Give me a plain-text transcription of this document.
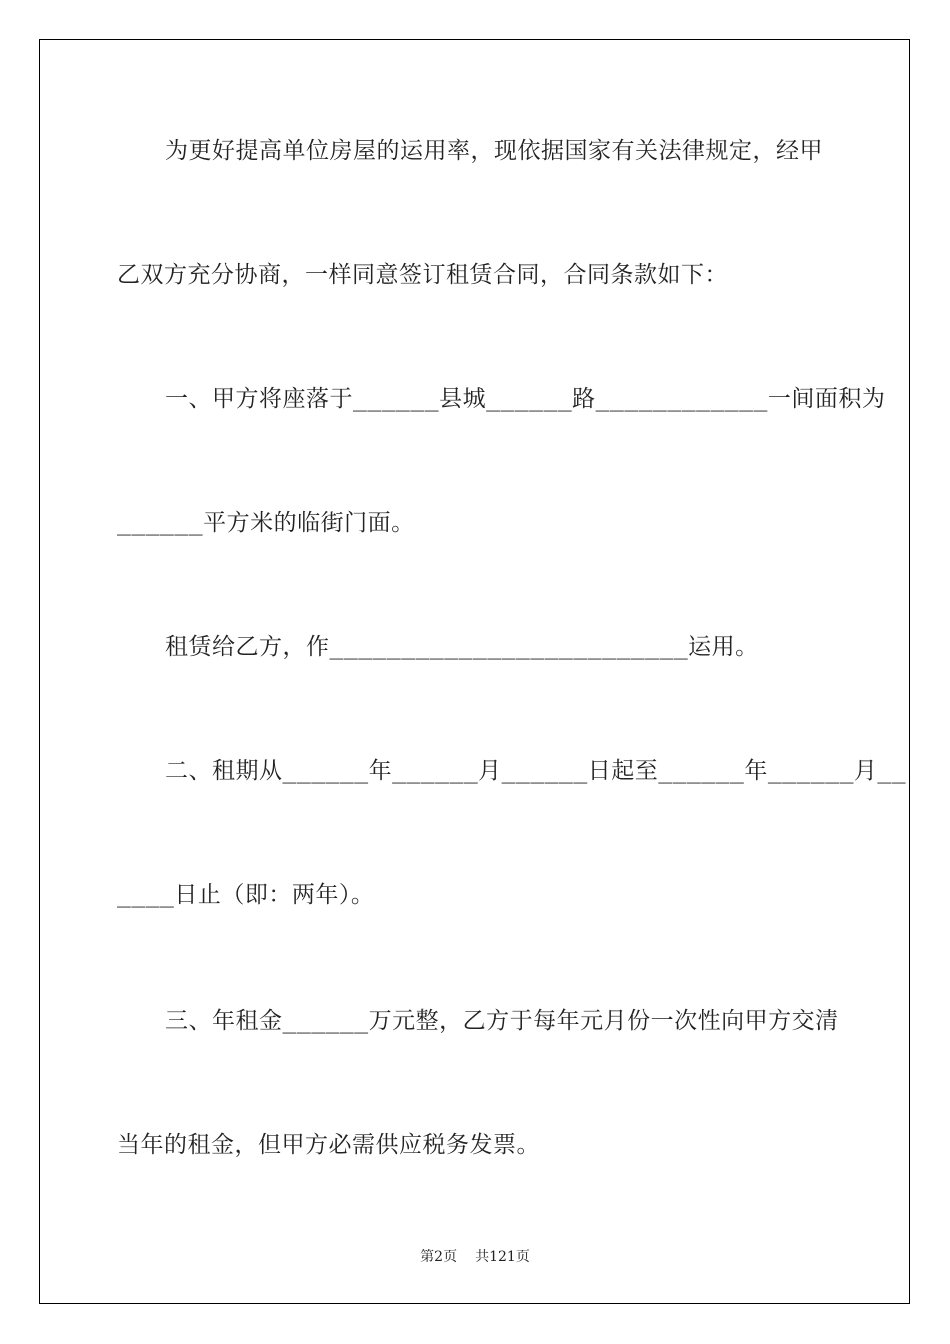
为更好提高单位房屋的运用率，现依据国家有关法律规定，经甲
乙双方充分协商，一样同意签订租赁合同，合同条款如下：
一、甲方将座落于______县城______路____________一间面积为
______平方米的临街门面。
租赁给乙方，作_________________________运用。
二、租期从______年______月______日起至______年______月__
____日止（即：两年）。
三、年租金______万元整，乙方于每年元月份一次性向甲方交清
当年的租金，但甲方必需供应税务发票。
第2页 共121页
